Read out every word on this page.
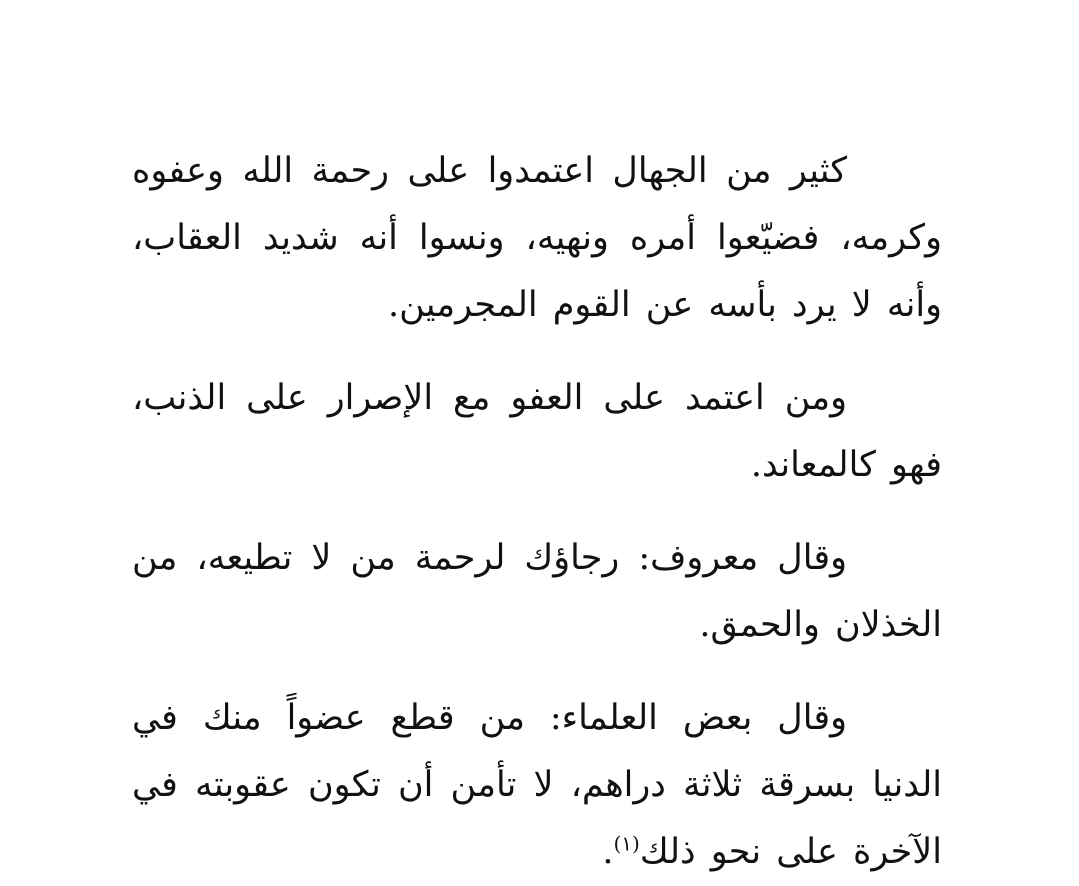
كثير من الجهال اعتمدوا على رحمة الله وعفوه وكرمه، فضيّعوا أمره ونهيه، ونسوا أنه شديد العقاب، وأنه لا يرد بأسه عن القوم المجرمين.

ومن اعتمد على العفو مع الإصرار على الذنب، فهو كالمعاند.

وقال معروف: رجاؤك لرحمة من لا تطيعه، من الخذلان والحمق.

وقال بعض العلماء: من قطع عضواً منك في الدنيا بسرقة ثلاثة دراهم، لا تأمن أن تكون عقوبته في الآخرة على نحو ذلك$^{(١)}$.
